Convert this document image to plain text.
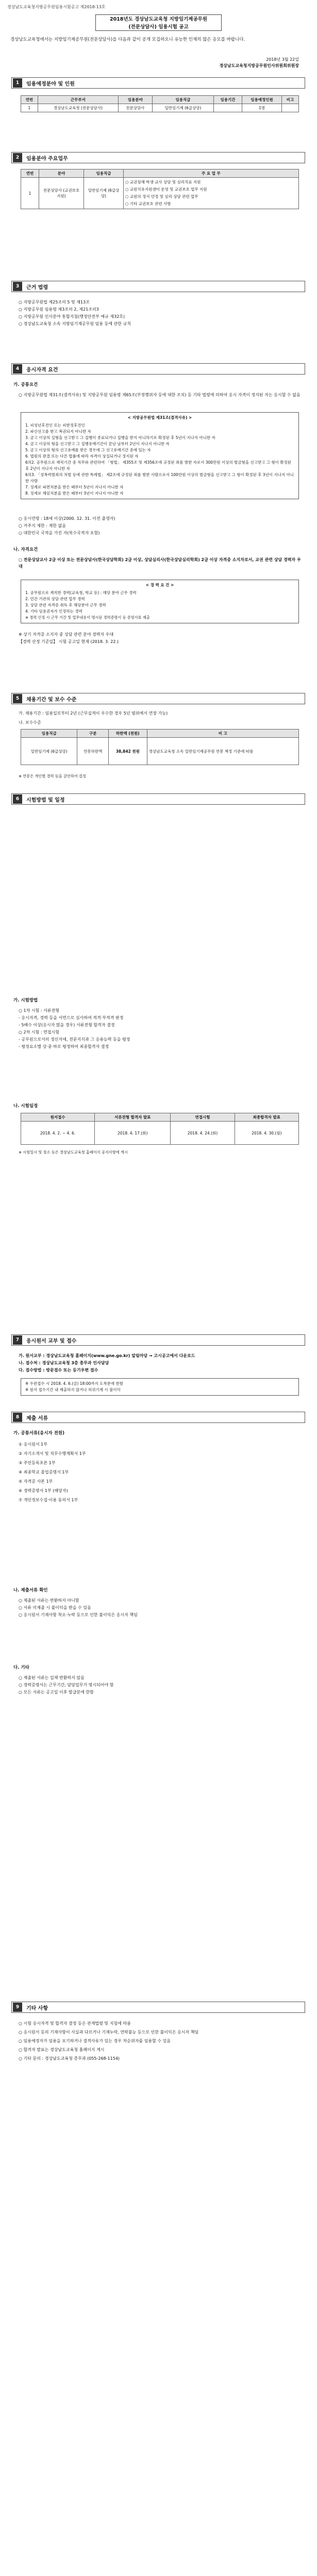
경상남도교육청지방공무원임용시험공고 제2018-13호
2018년도 경상남도교육청 지방임기제공무원
(전문상담사) 임용시험 공고
경상남도교육청에서는 지방임기제공무원(전문상담사)을 다음과 같이 공개 모집하오니 유능한 인재의 많은 응모를 바랍니다.
2018년 3월 22일
경상남도교육청지방공무원인사위원회위원장
1	임용예정분야 및 인원
연번	근무부서	임용분야	임용직급	임용기간	임용예정인원	비고
1	경상남도교육청 (전문상담사)	전문상담사	일반임기제 (6급상당)		1명	
2	임용분야 주요업무
연번	분야	임용직급	주 요 업 무
1	전문상담사 (교권보호 지원)	일반임기제 (6급상당)	○ 교권침해 학생·교사 상담 및 심리치료 지원
○ 교원치유지원센터 운영 및 교권보호 업무 지원
○ 교원의 정서 안정 및 심리 상담 관련 업무
○ 기타 교권보호 관련 사항
3	근거 법령

○ 지방공무원법 제25조의 5 및 제13조

○ 지방공무원 임용령 제3조의 2, 제21조의3

○ 지방공무원 인사분야 통합지침(행정안전부 예규 제32호)

○ 경상남도교육청 소속 지방임기제공무원 임용 등에 관한 규칙

4	응시자격 요건
가. 공통요건

○ 지방공무원법 제31조(결격사유) 및 지방공무원 임용령 제65조(부정행위자 등에 대한 조치) 등 기타 법령에 의하여 응시 자격이 정지된 자는 응시할 수 없음

< 지방공무원법 제31조(결격사유) >

1. 피성년후견인 또는 피한정후견인

2. 파산선고를 받고 복권되지 아니한 자

3. 금고 이상의 실형을 선고받고 그 집행이 종료되거나 집행을 받지 아니하기로 확정된 후 5년이 지나지 아니한 자

4. 금고 이상의 형을 선고받고 그 집행유예기간이 끝난 날부터 2년이 지나지 아니한 자

5. 금고 이상의 형의 선고유예를 받은 경우에 그 선고유예기간 중에 있는 자

6. 법원의 판결 또는 다른 법률에 따라 자격이 상실되거나 정지된 자

6의2. 공무원으로 재직기간 중 직무와 관련하여 「형법」 제355조 및 제356조에 규정된 죄를 범한 자로서 300만원 이상의 벌금형을 선고받고 그 형이 확정된 후 2년이 지나지 아니한 자

6의3. 「성폭력범죄의 처벌 등에 관한 특례법」 제2조에 규정된 죄를 범한 사람으로서 100만원 이상의 벌금형을 선고받고 그 형이 확정된 후 3년이 지나지 아니한 사람

7. 징계로 파면처분을 받은 때부터 5년이 지나지 아니한 자

8. 징계로 해임처분을 받은 때부터 3년이 지나지 아니한 자

○ 응시연령 : 18세 이상(2000. 12. 31. 이전 출생자)

○ 거주지 제한 : 제한 없음

○ 대한민국 국적을 가진 자(복수국적자 포함)

나. 자격요건
○ 전문상담교사 2급 이상 또는 전문상담사(한국상담학회) 2급 이상, 상담심리사(한국상담심리학회) 2급 이상 자격증 소지자로서, 교권 관련 상담 경력자 우대
< 경 력 요 건 >

1. 공무원으로 재직한 경력(교육청, 학교 등) : 해당 분야 근무 경력

2. 민간 기관의 상담 관련 업무 경력

3. 상담 관련 자격증 취득 후 해당분야 근무 경력

4. 기타 임용권자가 인정하는 경력

※ 경력 인정 시 근무 기간 및 업무내용이 명시된 경력증명서 등 증빙서류 제출

※ 상기 자격증 소지자 중 상담 관련 분야 경력자 우대

【경력 산정 기준일】 시험 공고일 현재 (2018. 3. 22.)

5	채용기간 및 보수 수준
가. 채용기간 : 임용일로부터 2년 (근무실적이 우수한 경우 5년 범위에서 연장 가능)
나. 보수수준
임용직급	구분	하한액 (천원)	비 고
일반임기제 (6급상당)	연봉하한액	38,842 천원	경상남도교육청 소속 일반임기제공무원 연봉 책정 기준에 따름
※ 연봉은 개인별 경력 등을 감안하여 결정
6	시험방법 및 일정
가. 시험방법

○ 1차 시험 : 서류전형

- 응시자격, 경력 등을 서면으로 심사하여 적격·부적격 판정

- 5배수 이상(응시자 많을 경우) 서류전형 합격자 결정

○ 2차 시험 : 면접시험

- 공무원으로서의 정신자세, 전문지식과 그 응용능력 등을 평정

- 평정요소별 상·중·하로 평정하여 최종합격자 결정

나. 시험일정
원서접수	서류전형 합격자 발표	면접시험	최종합격자 발표
2018. 4. 2. ~ 4. 6.	2018. 4. 17.(화)	2018. 4. 24.(화)	2018. 4. 30.(월)
※ 시험일시 및 장소 등은 경상남도교육청 홈페이지 공지사항에 게시
7	응시원서 교부 및 접수

가. 원서교부 : 경상남도교육청 홈페이지(www.gne.go.kr) 알림마당 → 고시공고에서 다운로드

나. 접수처 : 경상남도교육청 3층 총무과 인사담당

다. 접수방법 : 방문접수 또는 등기우편 접수

※ 우편접수 시 2018. 4. 6.(금) 18:00까지 도착분에 한함

※ 원서 접수기간 내 제출하지 않거나 허위기재 시 불이익

8	제출 서류
가. 공통서류(응시자 전원)

① 응시원서 1부

② 자기소개서 및 직무수행계획서 1부

③ 주민등록초본 1부

④ 최종학교 졸업증명서 1부

⑤ 자격증 사본 1부

⑥ 경력증명서 1부 (해당자)

⑦ 개인정보수집·이용 동의서 1부

나. 제출서류 확인

○ 제출된 서류는 반환하지 아니함

○ 서류 미제출 시 불이익을 받을 수 있음

○ 응시원서 기재사항 착오·누락 등으로 인한 불이익은 응시자 책임

다. 기타

○ 제출된 서류는 일체 반환하지 않음

○ 경력증명서는 근무기간, 담당업무가 명시되어야 함

○ 모든 서류는 공고일 이후 발급분에 한함

9	기타 사항

○ 시험 응시자격 및 합격자 결정 등은 관계법령 및 지침에 따름

○ 응시원서 등의 기재사항이 사실과 다르거나 기재누락, 연락불능 등으로 인한 불이익은 응시자 책임

○ 임용예정자가 임용을 포기하거나 결격사유가 있는 경우 차순위자를 임용할 수 있음

○ 합격자 발표는 경상남도교육청 홈페이지 게시

○ 기타 문의 : 경상남도교육청 총무과 (055-268-1154)
